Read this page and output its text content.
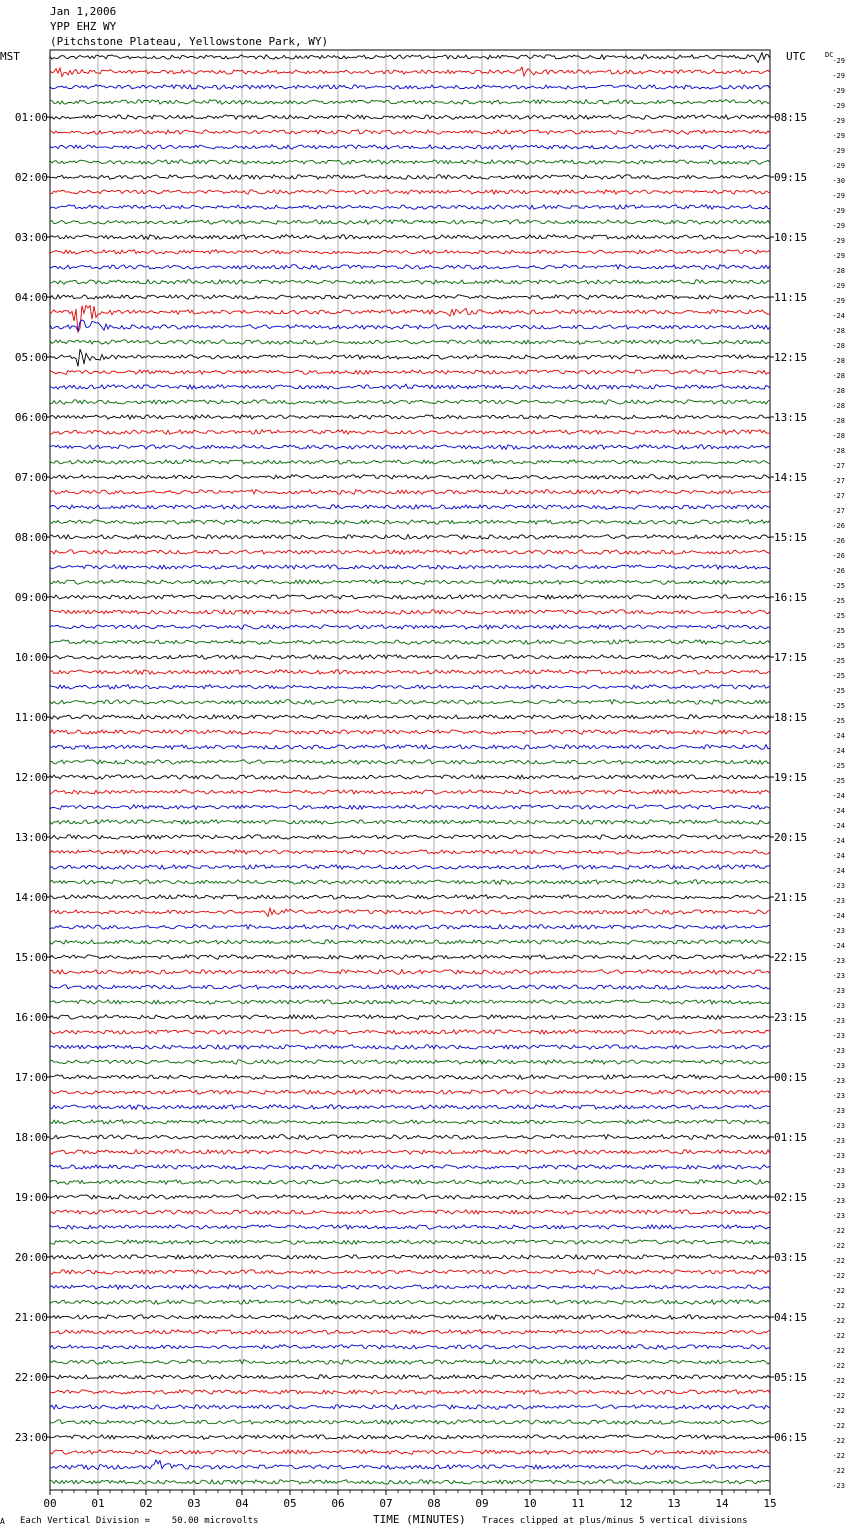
Jan 1,2006
YPP EHZ WY
(Pitchstone Plateau, Yellowstone Park, WY)
MST	UTC
00	01	02	03	04	05	06	07	08	09	10	11	12	13	14	15
01:00
02:00
03:00
04:00
05:00
06:00
07:00
08:00
09:00
10:00
11:00
12:00
13:00
14:00
15:00
16:00
17:00
18:00
19:00
20:00
21:00
22:00
23:00
08:15
09:15
10:15
11:15
12:15
13:15
14:15
15:15
16:15
17:15
18:15
19:15
20:15
21:15
22:15
23:15
00:15
01:15
02:15
03:15
04:15
05:15
06:15
DC
-29
-29
-29
-29
-29
-29
-29
-29
-30
-29
-29
-29
-29
-29
-28
-29
-29
-24
-28
-28
-28
-28
-28
-28
-28
-28
-28
-27
-27
-27
-27
-26
-26
-26
-26
-25
-25
-25
-25
-25
-25
-25
-25
-25
-25
-24
-24
-25
-25
-24
-24
-24
-24
-24
-24
-23
-23
-24
-23
-24
-23
-23
-23
-23
-23
-23
-23
-23
-23
-23
-23
-23
-23
-23
-23
-23
-23
-23
-22
-22
-22
-22
-22
-22
-22
-22
-22
-22
-22
-22
-22
-22
-22
-22
-22
-23
A Each Vertical Division =    50.00 microvolts	TIME (MINUTES) Traces clipped at plus/minus 5 vertical divisions
